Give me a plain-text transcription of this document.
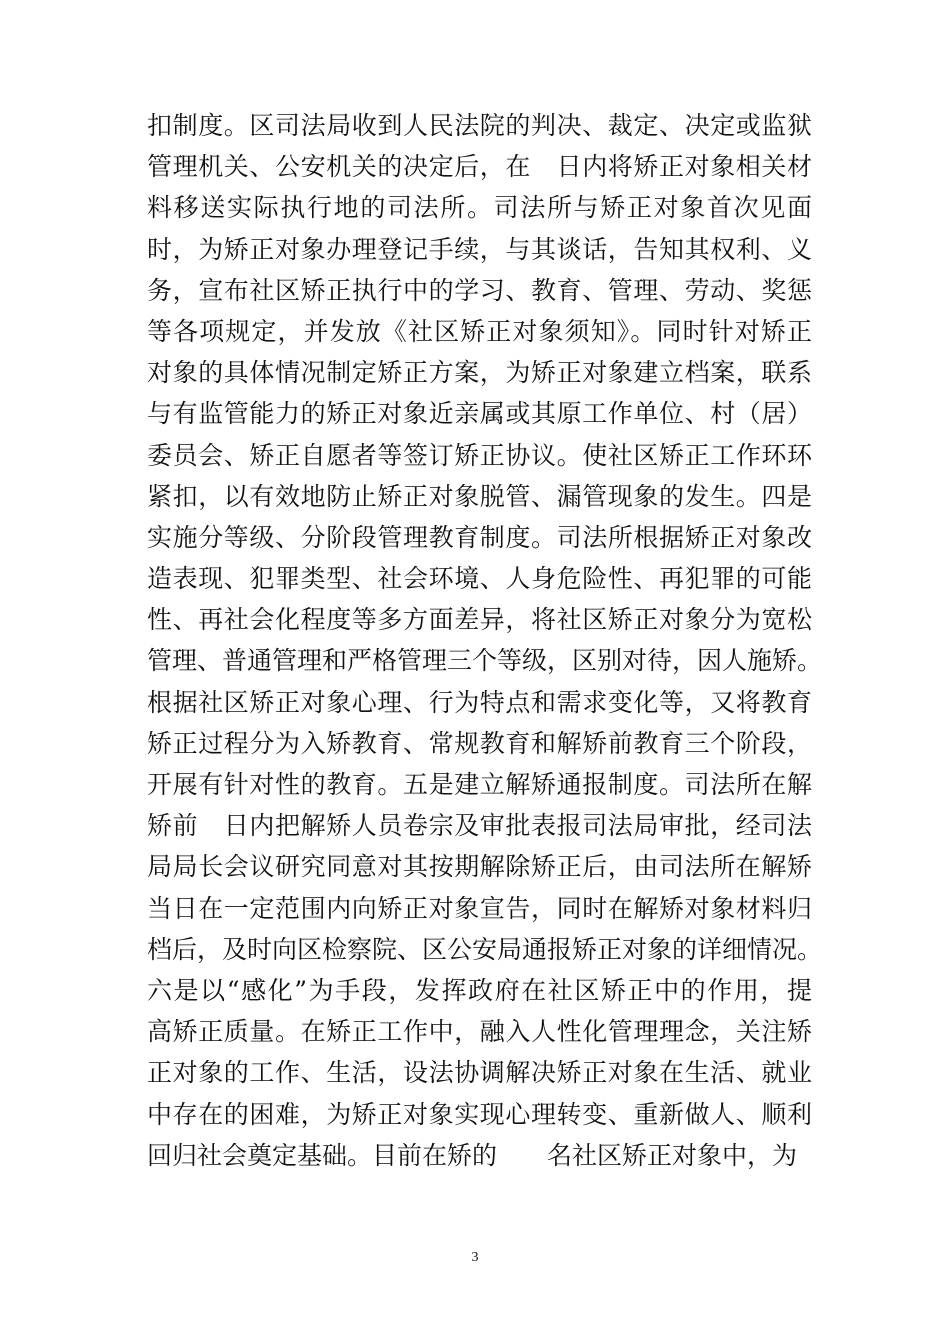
扣制度。区司法局收到人民法院的判决、裁定、决定或监狱
管理机关、公安机关的决定后，在　日内将矫正对象相关材
料移送实际执行地的司法所。司法所与矫正对象首次见面
时，为矫正对象办理登记手续，与其谈话，告知其权利、义
务，宣布社区矫正执行中的学习、教育、管理、劳动、奖惩
等各项规定，并发放《社区矫正对象须知》。同时针对矫正
对象的具体情况制定矫正方案，为矫正对象建立档案，联系
与有监管能力的矫正对象近亲属或其原工作单位、村（居）
委员会、矫正自愿者等签订矫正协议。使社区矫正工作环环
紧扣，以有效地防止矫正对象脱管、漏管现象的发生。四是
实施分等级、分阶段管理教育制度。司法所根据矫正对象改
造表现、犯罪类型、社会环境、人身危险性、再犯罪的可能
性、再社会化程度等多方面差异，将社区矫正对象分为宽松
管理、普通管理和严格管理三个等级，区别对待，因人施矫。
根据社区矫正对象心理、行为特点和需求变化等，又将教育
矫正过程分为入矫教育、常规教育和解矫前教育三个阶段，
开展有针对性的教育。五是建立解矫通报制度。司法所在解
矫前　日内把解矫人员卷宗及审批表报司法局审批，经司法
局局长会议研究同意对其按期解除矫正后，由司法所在解矫
当日在一定范围内向矫正对象宣告，同时在解矫对象材料归
档后，及时向区检察院、区公安局通报矫正对象的详细情况。
六是以“感化”为手段，发挥政府在社区矫正中的作用，提
高矫正质量。在矫正工作中，融入人性化管理理念，关注矫
正对象的工作、生活，设法协调解决矫正对象在生活、就业
中存在的困难，为矫正对象实现心理转变、重新做人、顺利
回归社会奠定基础。目前在矫的　　名社区矫正对象中，为
3
